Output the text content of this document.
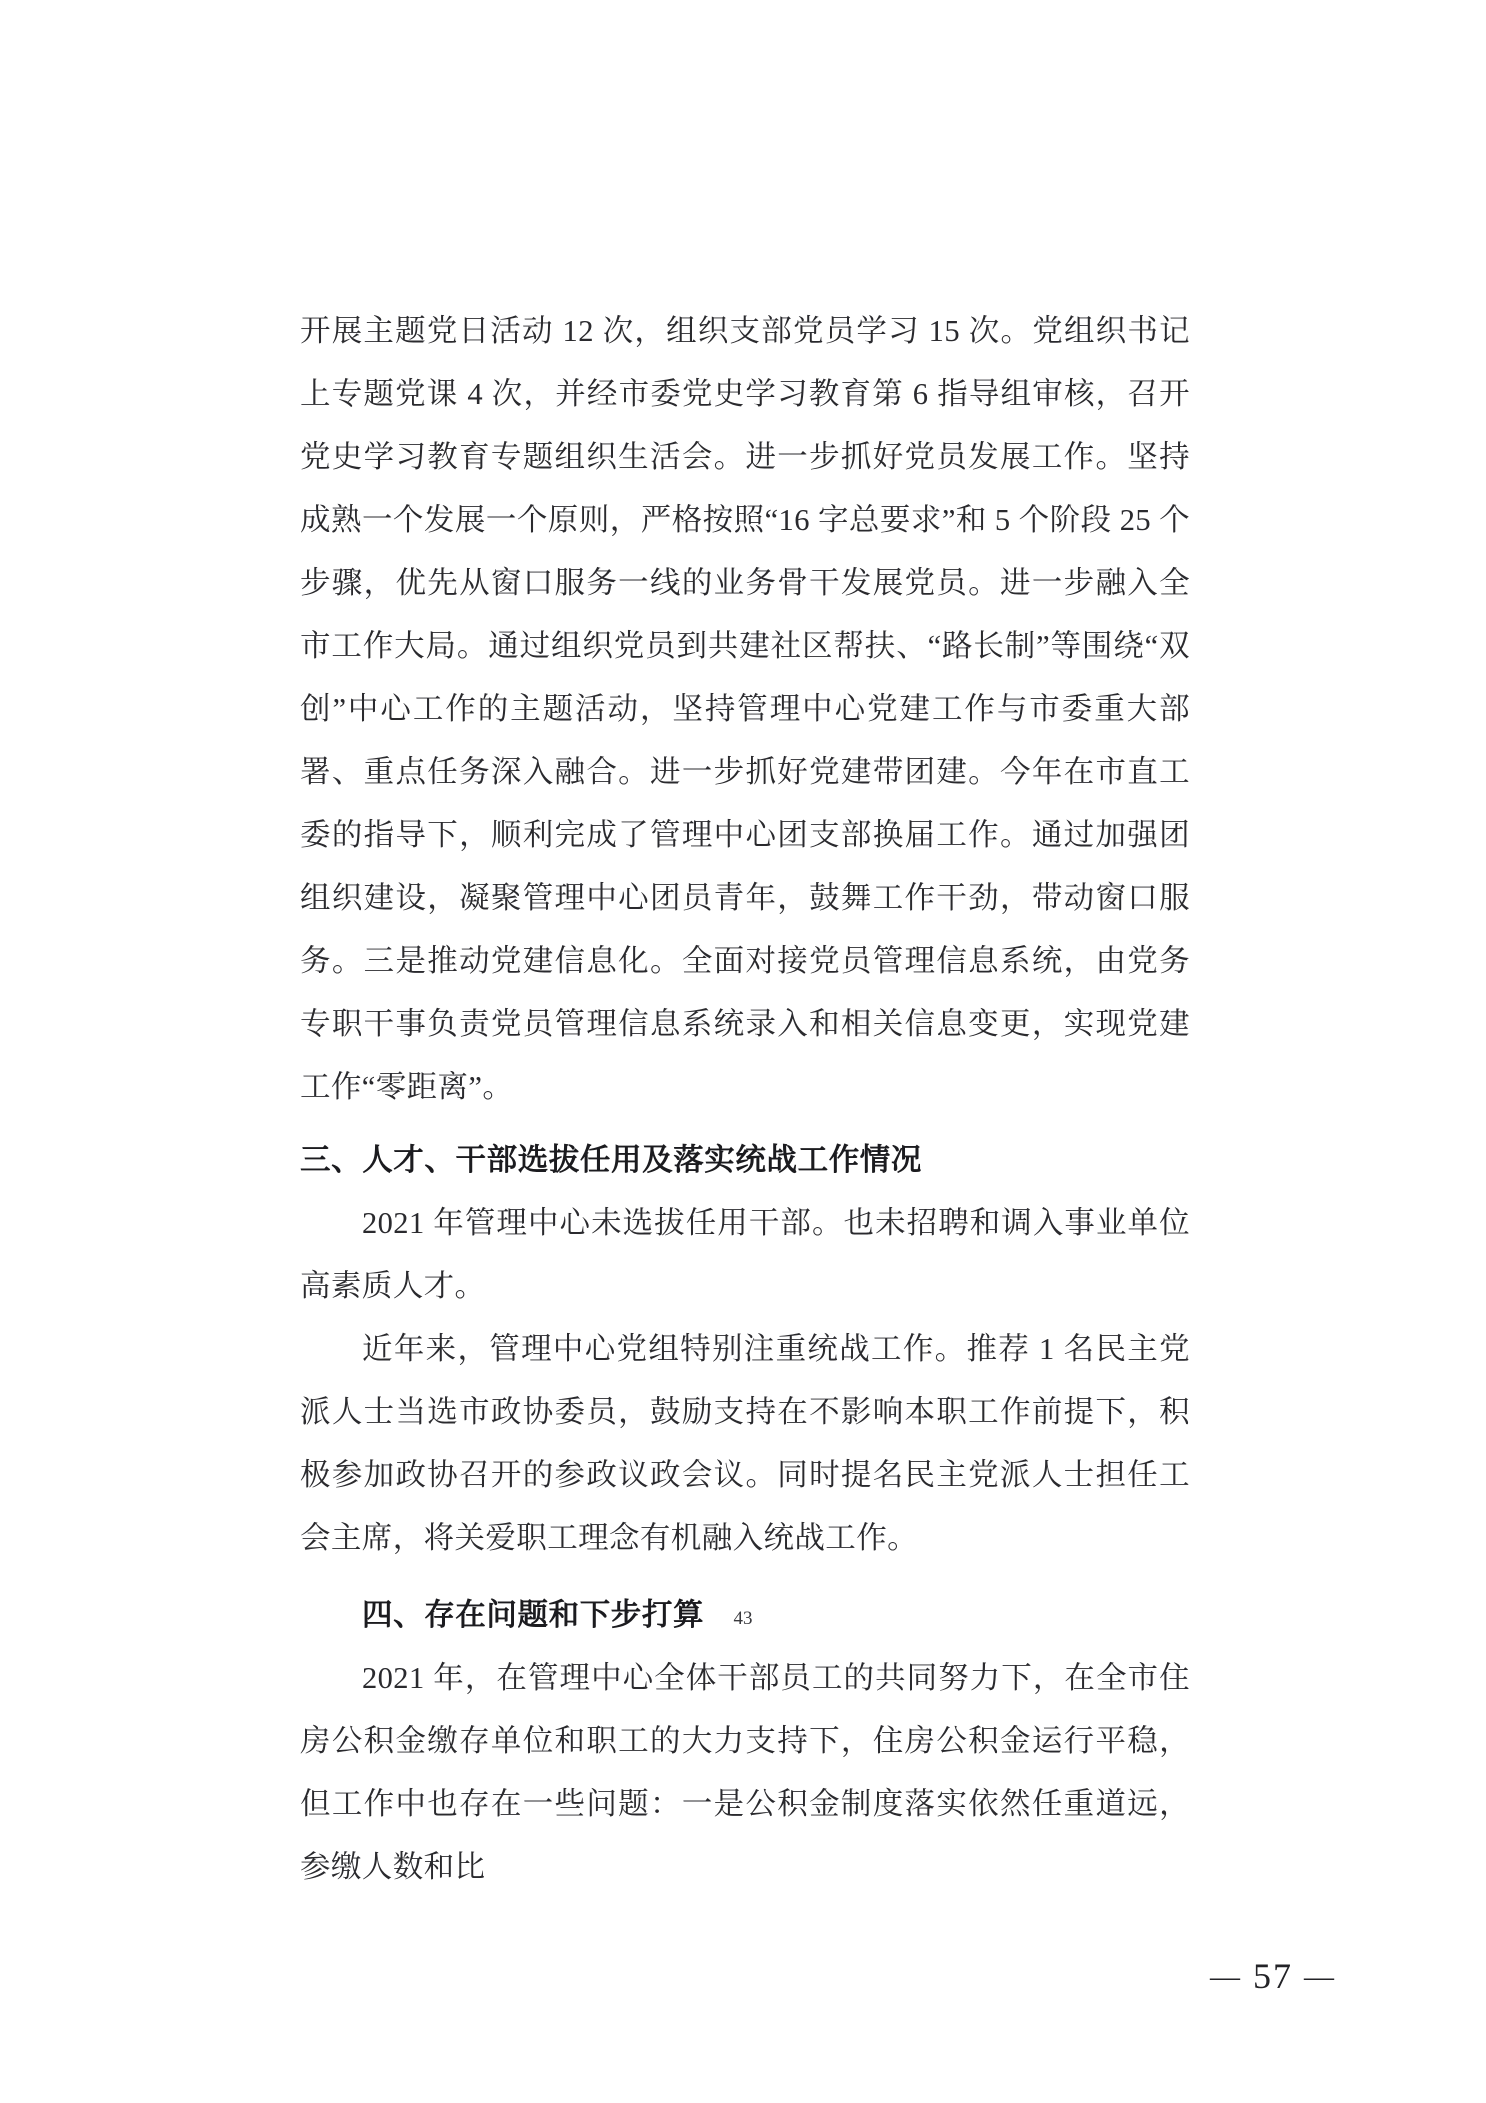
开展主题党日活动 12 次，组织支部党员学习 15 次。党组织书记上专题党课 4 次，并经市委党史学习教育第 6 指导组审核，召开党史学习教育专题组织生活会。进一步抓好党员发展工作。坚持成熟一个发展一个原则，严格按照“16 字总要求”和 5 个阶段 25 个步骤，优先从窗口服务一线的业务骨干发展党员。进一步融入全市工作大局。通过组织党员到共建社区帮扶、“路长制”等围绕“双创”中心工作的主题活动，坚持管理中心党建工作与市委重大部署、重点任务深入融合。进一步抓好党建带团建。今年在市直工委的指导下，顺利完成了管理中心团支部换届工作。通过加强团组织建设，凝聚管理中心团员青年，鼓舞工作干劲，带动窗口服务。三是推动党建信息化。全面对接党员管理信息系统，由党务专职干事负责党员管理信息系统录入和相关信息变更，实现党建工作“零距离”。

三、人才、干部选拔任用及落实统战工作情况

2021 年管理中心未选拔任用干部。也未招聘和调入事业单位高素质人才。

近年来，管理中心党组特别注重统战工作。推荐 1 名民主党派人士当选市政协委员，鼓励支持在不影响本职工作前提下，积极参加政协召开的参政议政会议。同时提名民主党派人士担任工会主席，将关爱职工理念有机融入统战工作。

四、存在问题和下步打算

2021 年，在管理中心全体干部员工的共同努力下，在全市住房公积金缴存单位和职工的大力支持下，住房公积金运行平稳，但工作中也存在一些问题：一是公积金制度落实依然任重道远，参缴人数和比

43
— 57 —
